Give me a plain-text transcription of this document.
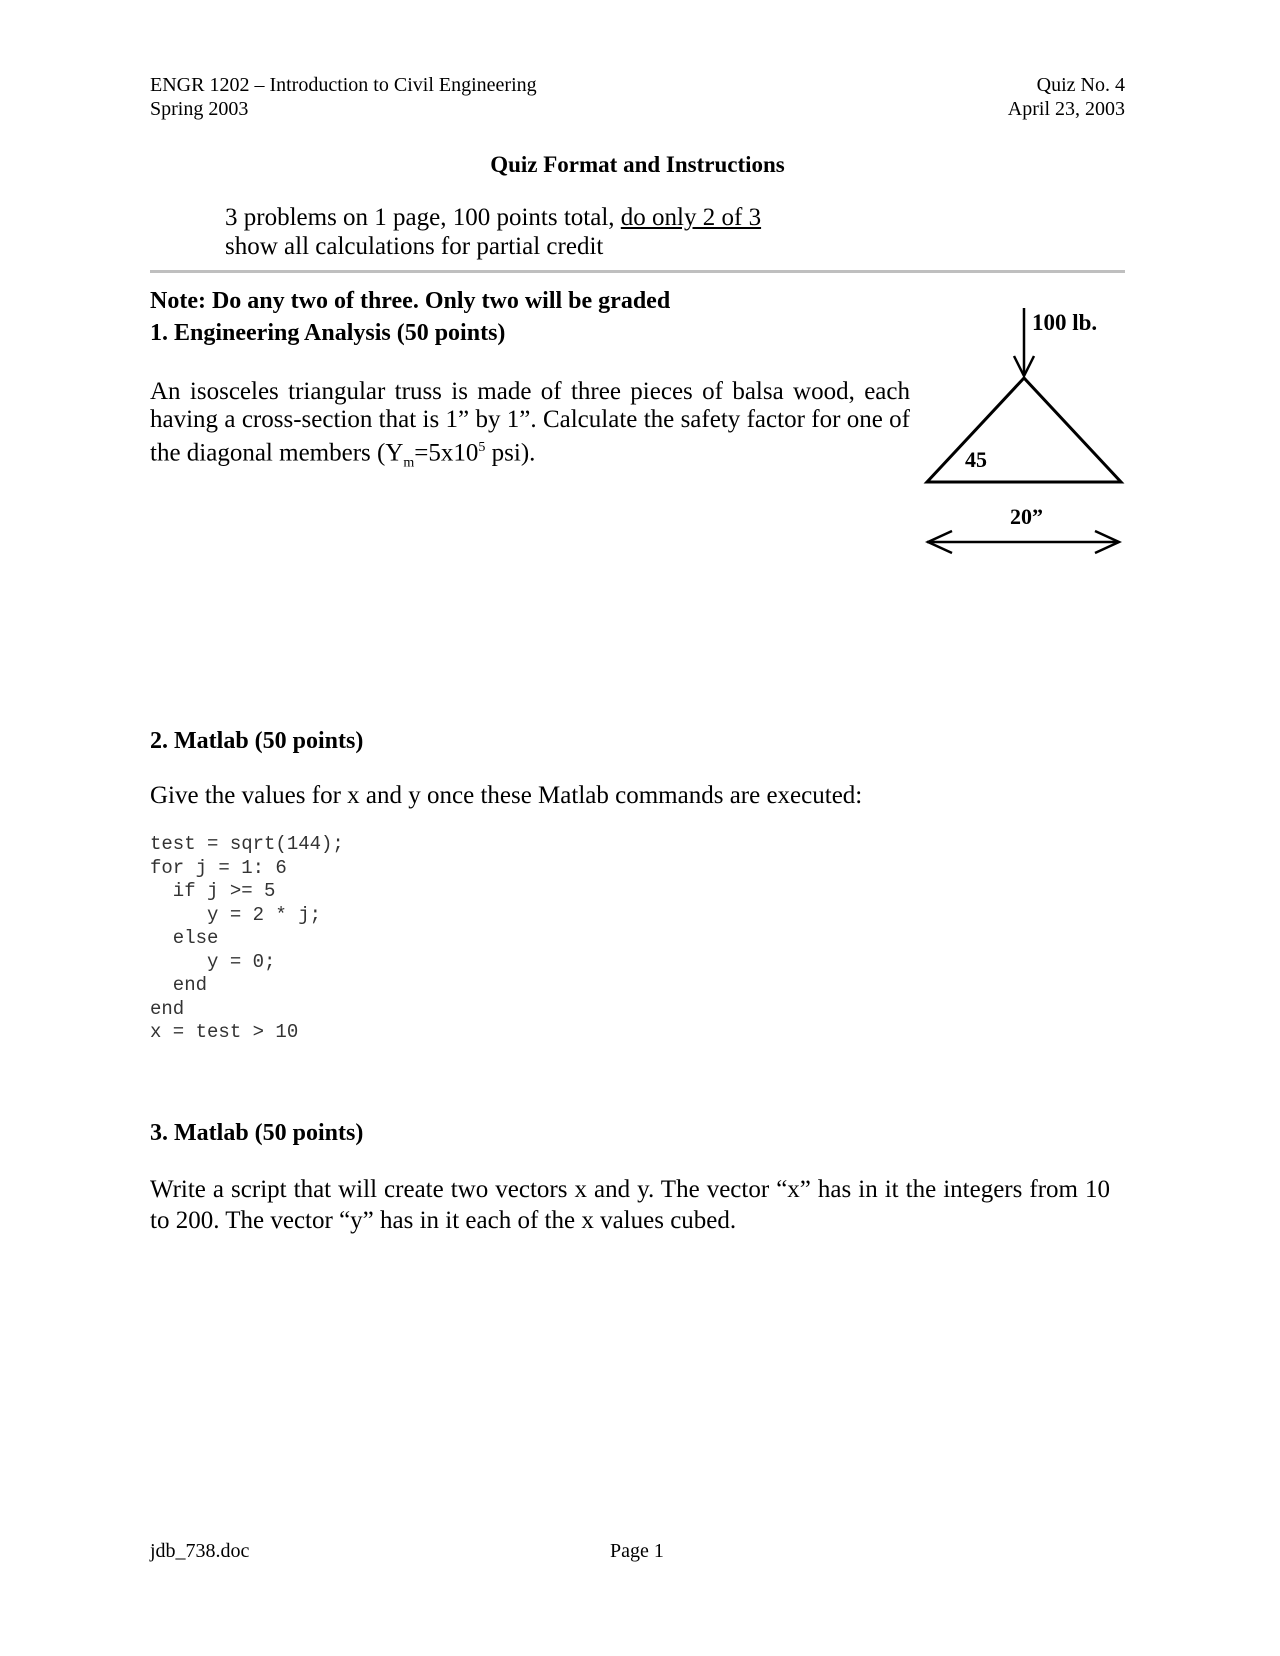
ENGR 1202 – Introduction to Civil Engineering
Spring 2003
Quiz No. 4
April 23, 2003
Quiz Format and Instructions
3 problems on 1 page, 100 points total, do only 2 of 3
show all calculations for partial credit
Note: Do any two of three. Only two will be graded
1. Engineering Analysis (50 points)
An isosceles triangular truss is made of three pieces of balsa wood, each having a cross-section that is 1” by 1”. Calculate the safety factor for one of the diagonal members ($Y_m=5x10^5$ psi).
100 lb.
45
20”
2. Matlab (50 points)
Give the values for x and y once these Matlab commands are executed:
test = sqrt(144);
for j = 1: 6
if j >= 5
y = 2 * j;
else
y = 0;
end
end
x = test > 10
3. Matlab (50 points)
Write a script that will create two vectors x and y. The vector “x” has in it the integers from 10 to 200. The vector “y” has in it each of the x values cubed.
jdb_738.doc	Page 1
